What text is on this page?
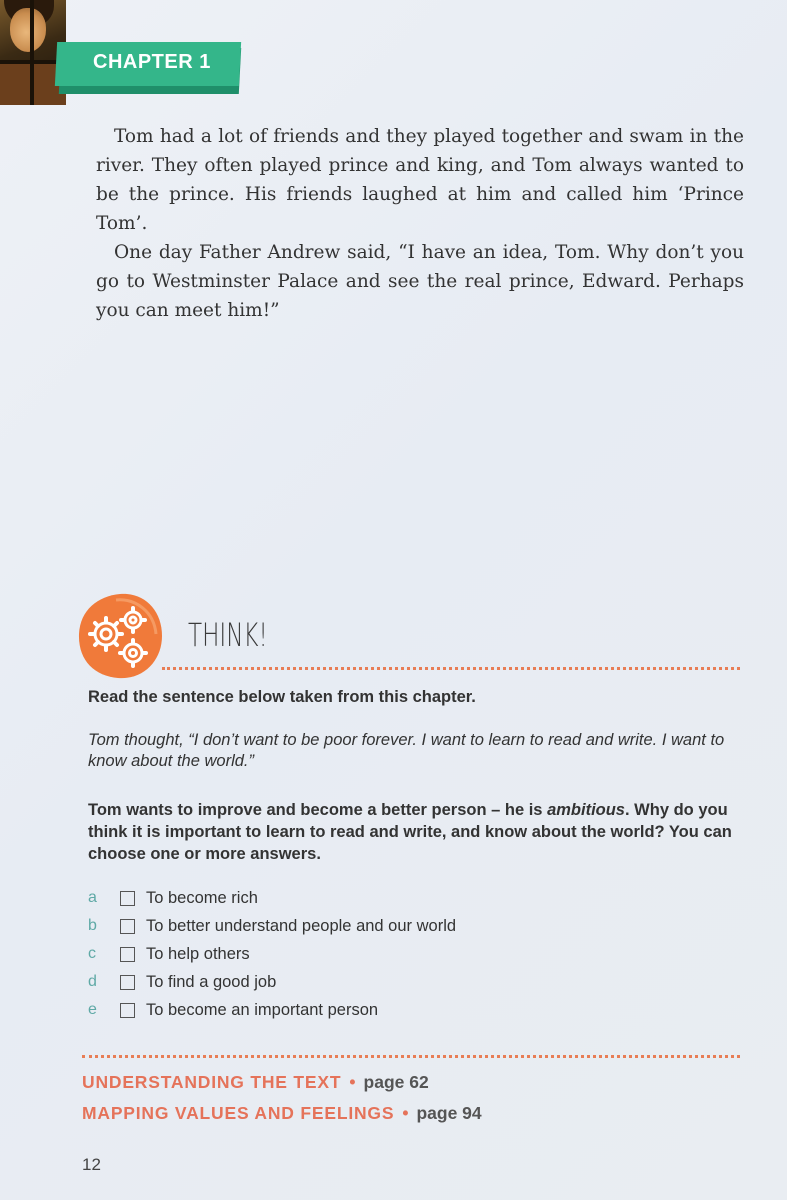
CHAPTER 1

Tom had a lot of friends and they played together and swam in the river. They often played prince and king, and Tom always wanted to be the prince. His friends laughed at him and called him ‘Prince Tom’.

One day Father Andrew said, “I have an idea, Tom. Why don’t you go to Westminster Palace and see the real prince, Edward. Perhaps you can meet him!”

THINK!
Read the sentence below taken from this chapter.
Tom thought, “I don’t want to be poor forever. I want to learn to read and write. I want to know about the world.”
Tom wants to improve and become a better person – he is ambitious. Why do you think it is important to learn to read and write, and know about the world? You can choose one or more answers.
a	To become rich
b	To better understand people and our world
c	To help others
d	To find a good job
e	To become an important person
UNDERSTANDING THE TEXT • page 62
MAPPING VALUES AND FEELINGS • page 94
12
